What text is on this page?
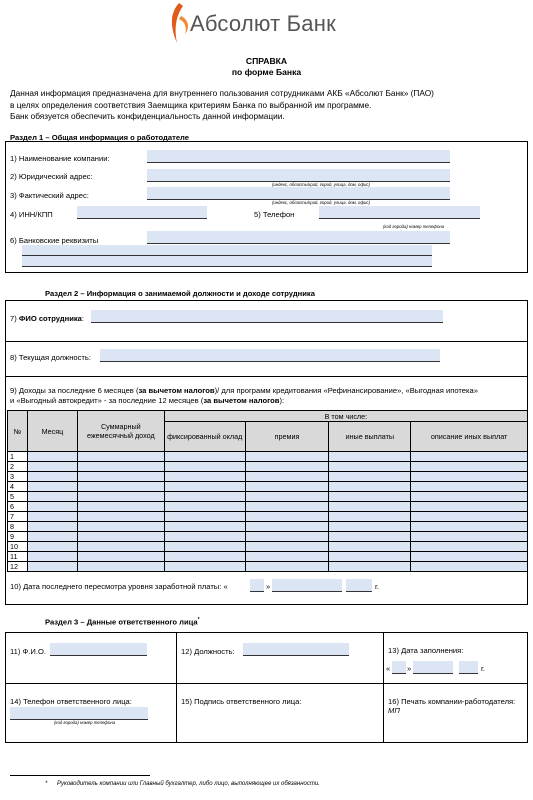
Абсолют Банк
СПРАВКА
по форме Банка
Данная информация предназначена для внутреннего пользования сотрудниками АКБ «Абсолют Банк» (ПАО)
в целях определения соответствия Заемщика критериям Банка по выбранной им программе.
Банк обязуется обеспечить конфиденциальность данной информации.
Раздел 1 – Общая информация о работодателе
1) Наименование компании:
2) Юридический адрес:
(индекс, область/край, город, улица, дом, офис)
3) Фактический адрес:
(индекс, область/край, город, улица, дом, офис)
4) ИНН/КПП	5) Телефон
(код города) номер телефона
6) Банковские реквизиты
Раздел 2 – Информация о занимаемой должности и доходе сотрудника
7) ФИО сотрудника:
8) Текущая должность:
9) Доходы за последние 6 месяцев (за вычетом налогов)/ для программ кредитования «Рефинансирование», «Выгодная ипотека»
и «Выгодный автокредит» - за последние 12 месяцев (за вычетом налогов):
№	Месяц	Суммарный ежемесячный доход	В том числе:			
			фиксированный оклад	премия	иные выплаты	описание иных выплат
1						
2						
3						
4						
5						
6						
7						
8						
9						
10						
11						
12						
10) Дата последнего пересмотра уровня заработной платы: «	»	г.
Раздел 3 – Данные ответственного лица*
11) Ф.И.О.	12) Должность:	13) Дата заполнения:
« »	г.
14) Телефон ответственного лица:
(код города) номер телефона
15) Подпись ответственного лица:	16) Печать компании-работодателя:
МП
* Руководитель компании или Главный бухгалтер, либо лицо, выполняющее их обязанности.
